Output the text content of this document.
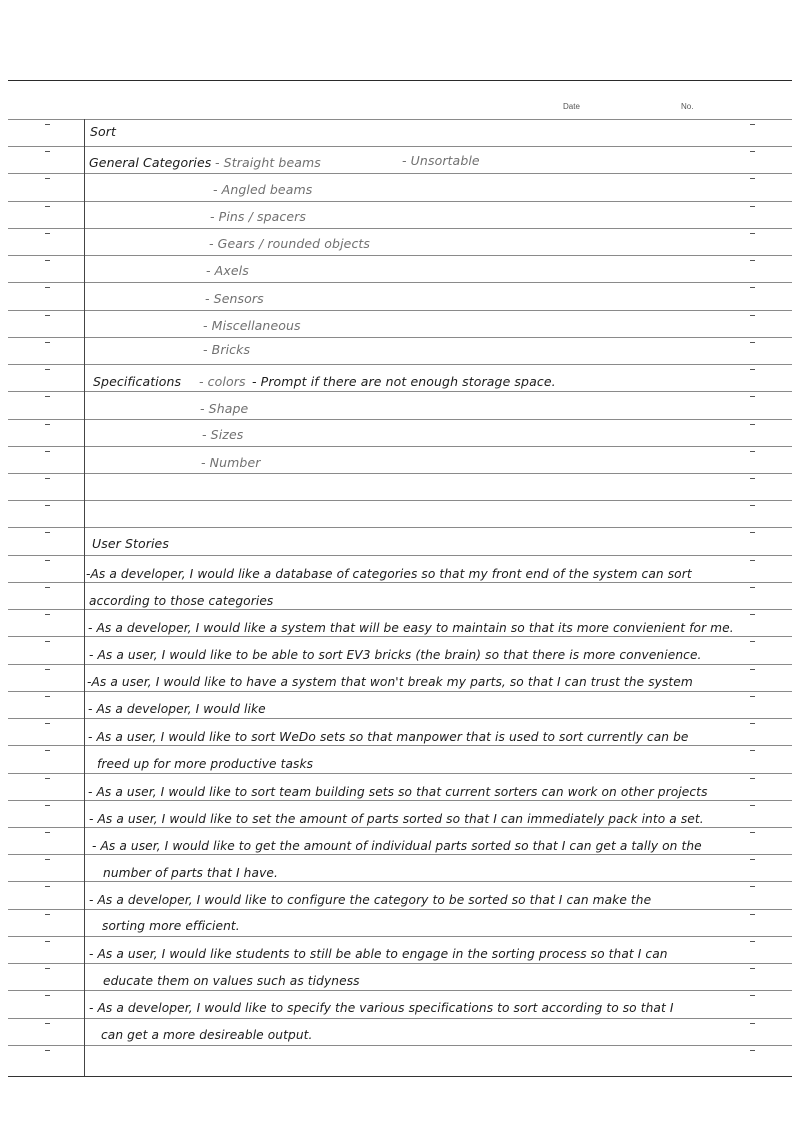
Date	No.
Sort
General Categories - Straight beams	- Unsortable
- Angled beams
- Pins / spacers
- Gears / rounded objects
- Axels
- Sensors
- Miscellaneous
- Bricks
Specifications - colors - Prompt if there are not enough storage space.
- Shape
- Sizes
- Number
User Stories
-As a developer, I would like a database of categories so that my front end of the system can sort
according to those categories
- As a developer, I would like a system that will be easy to maintain so that its more convienient for me.
- As a user, I would like to be able to sort EV3 bricks (the brain) so that there is more convenience.
-As a user, I would like to have a system that won't break my parts, so that I can trust the system
- As a developer, I would like
- As a user, I would like to sort WeDo sets so that manpower that is used to sort currently can be
freed up for more productive tasks
- As a user, I would like to sort team building sets so that current sorters can work on other projects
- As a user, I would like to set the amount of parts sorted so that I can immediately pack into a set.
- As a user, I would like to get the amount of individual parts sorted so that I can get a tally on the
number of parts that I have.
- As a developer, I would like to configure the category to be sorted so that I can make the
sorting more efficient.
- As a user, I would like students to still be able to engage in the sorting process so that I can
educate them on values such as tidyness
- As a developer, I would like to specify the various specifications to sort according to so that I
can get a more desireable output.
